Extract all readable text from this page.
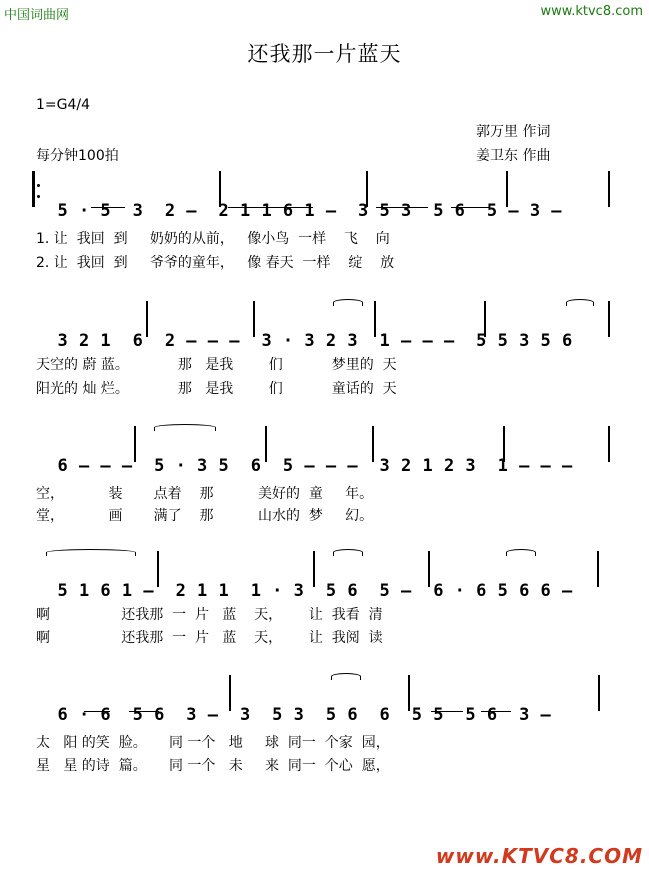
中国词曲网	www.ktvc8.com
还我那一片蓝天
1=G4/4
每分钟100拍
郭万里 作词
姜卫东 作曲

5 · 5  3  2 —  2 1 1 6 1 —  3 5 3  5 6  5 — 3 —

1. 让  我回  到     奶奶的从前，   像小鸟  一样    飞    向
2. 让  我回  到     爷爷的童年，   像 春天  一样    绽    放

3 2 1  6  2 — — —  3 · 3 2 3  1 — — —  5 5 3 5 6

天空的 蔚 蓝。           那   是我        们           梦里的  天
阳光的 灿 烂。           那   是我        们           童话的  天

6 — — —  5 · 3 5  6  5 — — —  3 2 1 2 3  1 — — —

空，          装       点着    那          美好的  童     年。
堂，          画       满了    那          山水的  梦     幻。

5 1 6 1 —  2 1 1  1 · 3  5 6  5 —  6 · 6 5 6 6 —

啊                还我那  一  片   蓝    天，      让  我看  清
啊                还我那  一  片   蓝    天，      让  我阅  读

6 · 6  5 6  3 —  3  5 3  5 6  6  5 5  5 6  3 —

太   阳 的笑  脸。     同 一个   地     球  同一  个家  园，
星   星 的诗  篇。     同 一个   未     来  同一  个心  愿，
www.KTVC8.COM
